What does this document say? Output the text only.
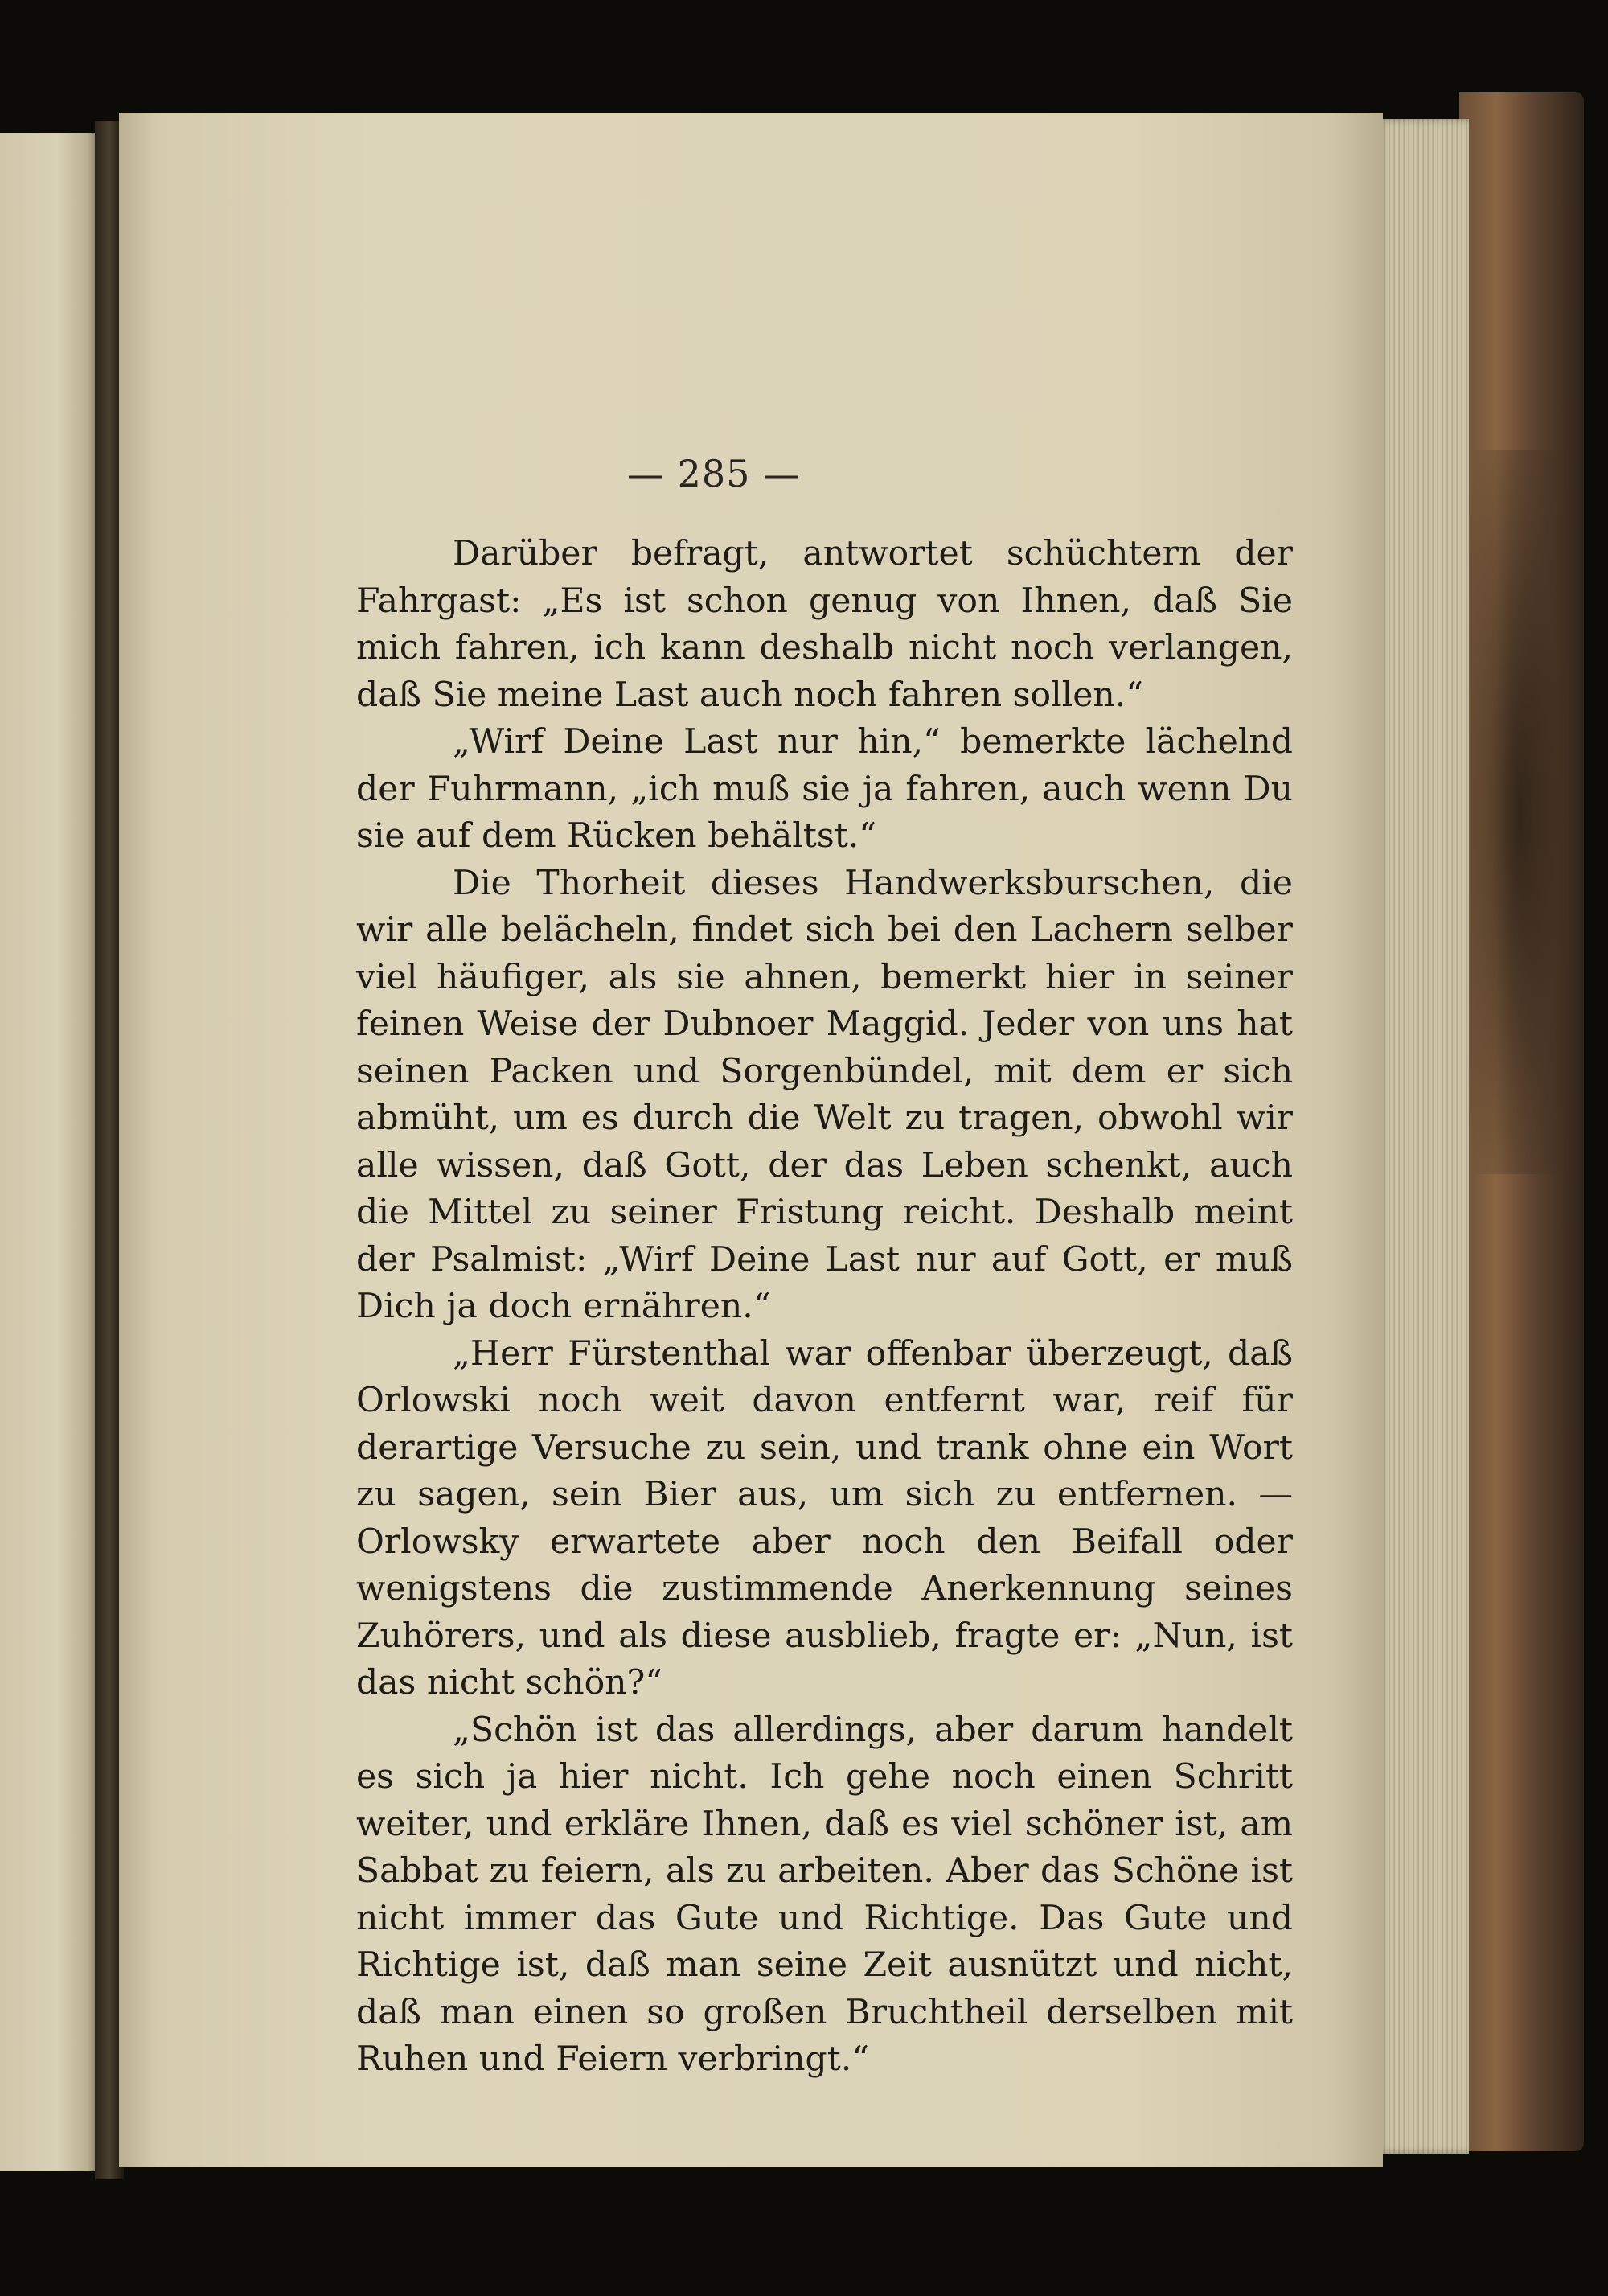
— 285 —

Darüber befragt, antwortet schüchtern der Fahrgast: „Es ist schon genug von Ihnen, daß Sie mich fahren, ich kann deshalb nicht noch verlangen, daß Sie meine Last auch noch fahren sollen.“

„Wirf Deine Last nur hin,“ bemerkte lächelnd der Fuhrmann, „ich muß sie ja fahren, auch wenn Du sie auf dem Rücken behältst.“

Die Thorheit dieses Handwerksburschen, die wir alle belächeln, findet sich bei den Lachern selber viel häufiger, als sie ahnen, bemerkt hier in seiner feinen Weise der Dubnoer Maggid. Jeder von uns hat seinen Packen und Sorgenbündel, mit dem er sich abmüht, um es durch die Welt zu tragen, obwohl wir alle wissen, daß Gott, der das Leben schenkt, auch die Mittel zu seiner Fristung reicht. Deshalb meint der Psalmist: „Wirf Deine Last nur auf Gott, er muß Dich ja doch ernähren.“

„Herr Fürstenthal war offenbar überzeugt, daß Orlowski noch weit davon entfernt war, reif für derartige Versuche zu sein, und trank ohne ein Wort zu sagen, sein Bier aus, um sich zu entfernen. — Orlowsky erwartete aber noch den Beifall oder wenigstens die zustimmende Anerkennung seines Zuhörers, und als diese ausblieb, fragte er: „Nun, ist das nicht schön?“

„Schön ist das allerdings, aber darum handelt es sich ja hier nicht. Ich gehe noch einen Schritt weiter, und erkläre Ihnen, daß es viel schöner ist, am Sabbat zu feiern, als zu arbeiten. Aber das Schöne ist nicht immer das Gute und Richtige. Das Gute und Richtige ist, daß man seine Zeit ausnützt und nicht, daß man einen so großen Bruchtheil derselben mit Ruhen und Feiern verbringt.“
